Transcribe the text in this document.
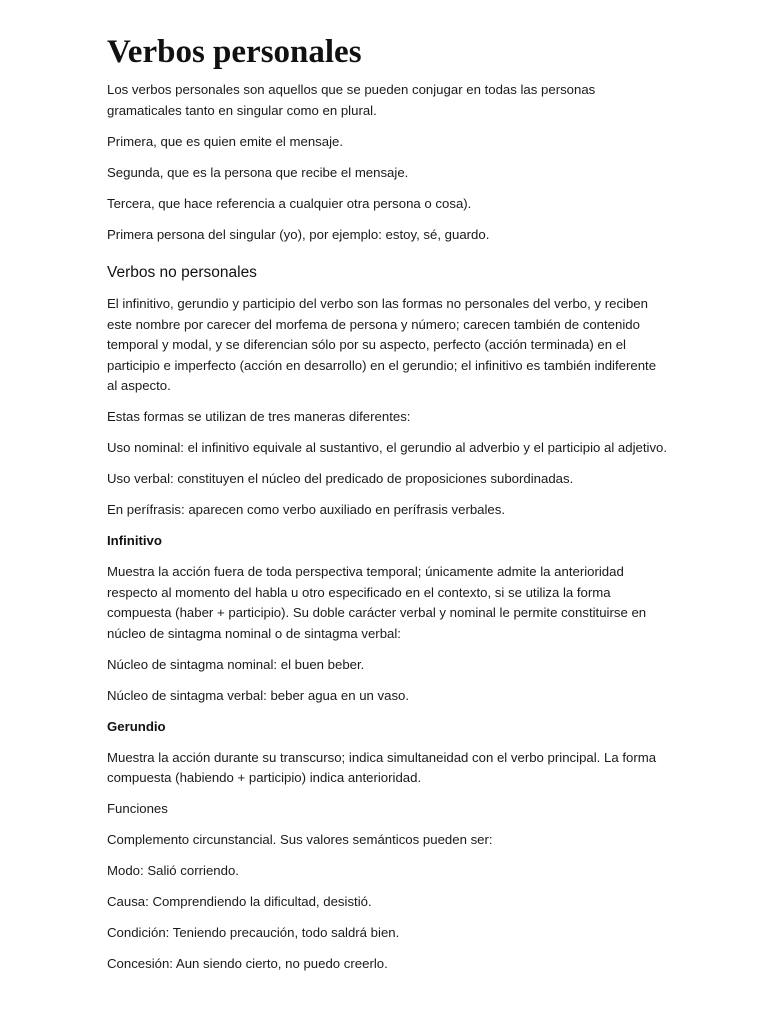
Verbos personales

Los verbos personales son aquellos que se pueden conjugar en todas las personas gramaticales tanto en singular como en plural.

Primera, que es quien emite el mensaje.

Segunda, que es la persona que recibe el mensaje.

Tercera, que hace referencia a cualquier otra persona o cosa).

Primera persona del singular (yo), por ejemplo: estoy, sé, guardo.

Verbos no personales

El infinitivo, gerundio y participio del verbo son las formas no personales del verbo, y reciben este nombre por carecer del morfema de persona y número; carecen también de contenido temporal y modal, y se diferencian sólo por su aspecto, perfecto (acción terminada) en el participio e imperfecto (acción en desarrollo) en el gerundio; el infinitivo es también indiferente al aspecto.

Estas formas se utilizan de tres maneras diferentes:

Uso nominal: el infinitivo equivale al sustantivo, el gerundio al adverbio y el participio al adjetivo.

Uso verbal: constituyen el núcleo del predicado de proposiciones subordinadas.

En perífrasis: aparecen como verbo auxiliado en perífrasis verbales.

Infinitivo

Muestra la acción fuera de toda perspectiva temporal; únicamente admite la anterioridad respecto al momento del habla u otro especificado en el contexto, si se utiliza la forma compuesta (haber + participio). Su doble carácter verbal y nominal le permite constituirse en núcleo de sintagma nominal o de sintagma verbal:

Núcleo de sintagma nominal: el buen beber.

Núcleo de sintagma verbal: beber agua en un vaso.

Gerundio

Muestra la acción durante su transcurso; indica simultaneidad con el verbo principal. La forma compuesta (habiendo + participio) indica anterioridad.

Funciones

Complemento circunstancial. Sus valores semánticos pueden ser:

Modo: Salió corriendo.

Causa: Comprendiendo la dificultad, desistió.

Condición: Teniendo precaución, todo saldrá bien.

Concesión: Aun siendo cierto, no puedo creerlo.
